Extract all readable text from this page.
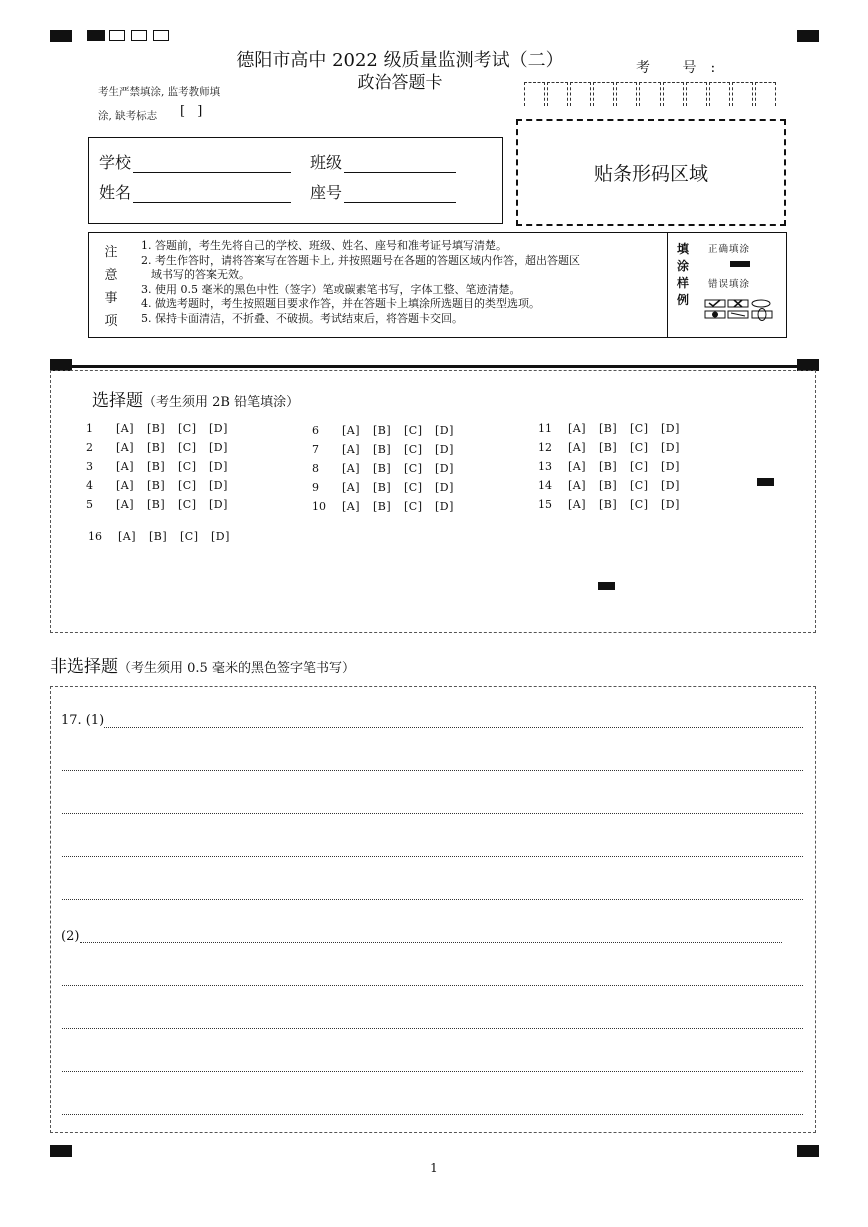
德阳市高中 2022 级质量监测考试（二）
政治答题卡
考 号:
考生严禁填涂, 监考教师填
涂, 缺考标志 [ ]
学校	班级
姓名	座号
贴条形码区域
注
意
事
项
1. 答题前，考生先将自己的学校、班级、姓名、座号和准考证号填写清楚。
2. 考生作答时，请将答案写在答题卡上, 并按照题号在各题的答题区域内作答，超出答题区
域书写的答案无效。
3. 使用 0.5 毫米的黑色中性（签字）笔或碳素笔书写，字体工整、笔迹清楚。
4. 做选考题时，考生按照题目要求作答，并在答题卡上填涂所选题目的类型选项。
5. 保持卡面清洁，不折叠、不破损。考试结束后，将答题卡交回。
填
涂
样
例
正确填涂
错误填涂
选择题（考生须用 2B 铅笔填涂）
1 [A] [B] [C] [D]
2 [A] [B] [C] [D]
3 [A] [B] [C] [D]
4 [A] [B] [C] [D]
5 [A] [B] [C] [D]
6 [A] [B] [C] [D]
7 [A] [B] [C] [D]
8 [A] [B] [C] [D]
9 [A] [B] [C] [D]
10 [A] [B] [C] [D]
11 [A] [B] [C] [D]
12 [A] [B] [C] [D]
13 [A] [B] [C] [D]
14 [A] [B] [C] [D]
15 [A] [B] [C] [D]
16 [A] [B] [C] [D]
非选择题（考生须用 0.5 毫米的黑色签字笔书写）
17. (1)
(2)
1
